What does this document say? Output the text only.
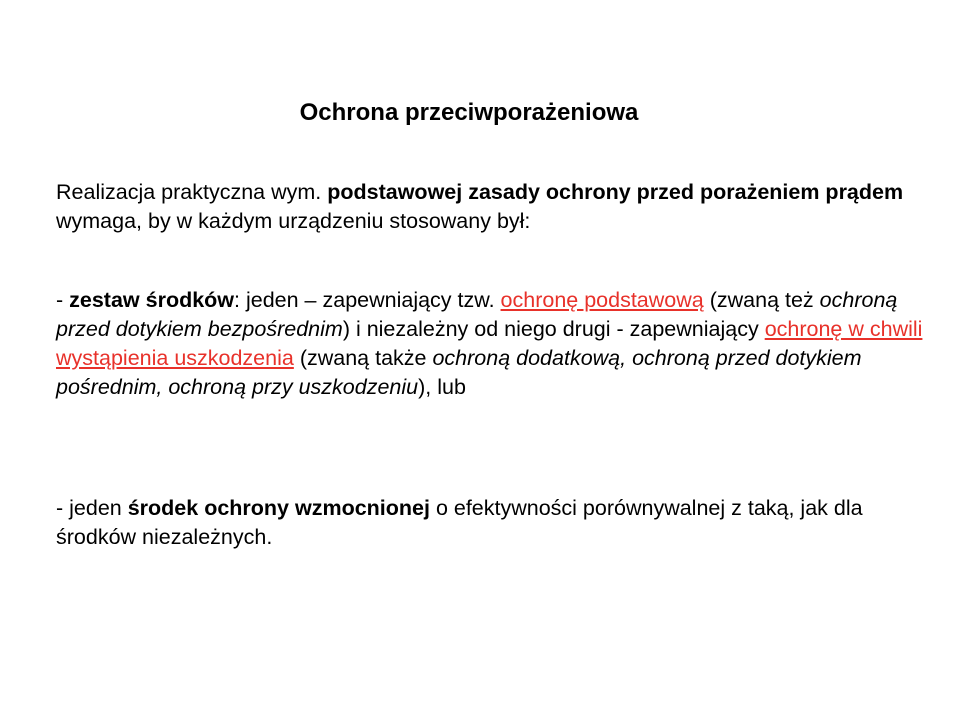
Ochrona przeciwporażeniowa

Realizacja praktyczna wym. podstawowej zasady ochrony przed porażeniem prądem wymaga, by w każdym urządzeniu stosowany był:

- zestaw środków: jeden – zapewniający tzw. ochronę podstawową (zwaną też ochroną przed dotykiem bezpośrednim) i niezależny od niego drugi - zapewniający ochronę w chwili wystąpienia uszkodzenia (zwaną także ochroną dodatkową, ochroną przed dotykiem pośrednim, ochroną przy uszkodzeniu), lub

- jeden środek ochrony wzmocnionej o efektywności porównywalnej z taką, jak dla środków niezależnych.
